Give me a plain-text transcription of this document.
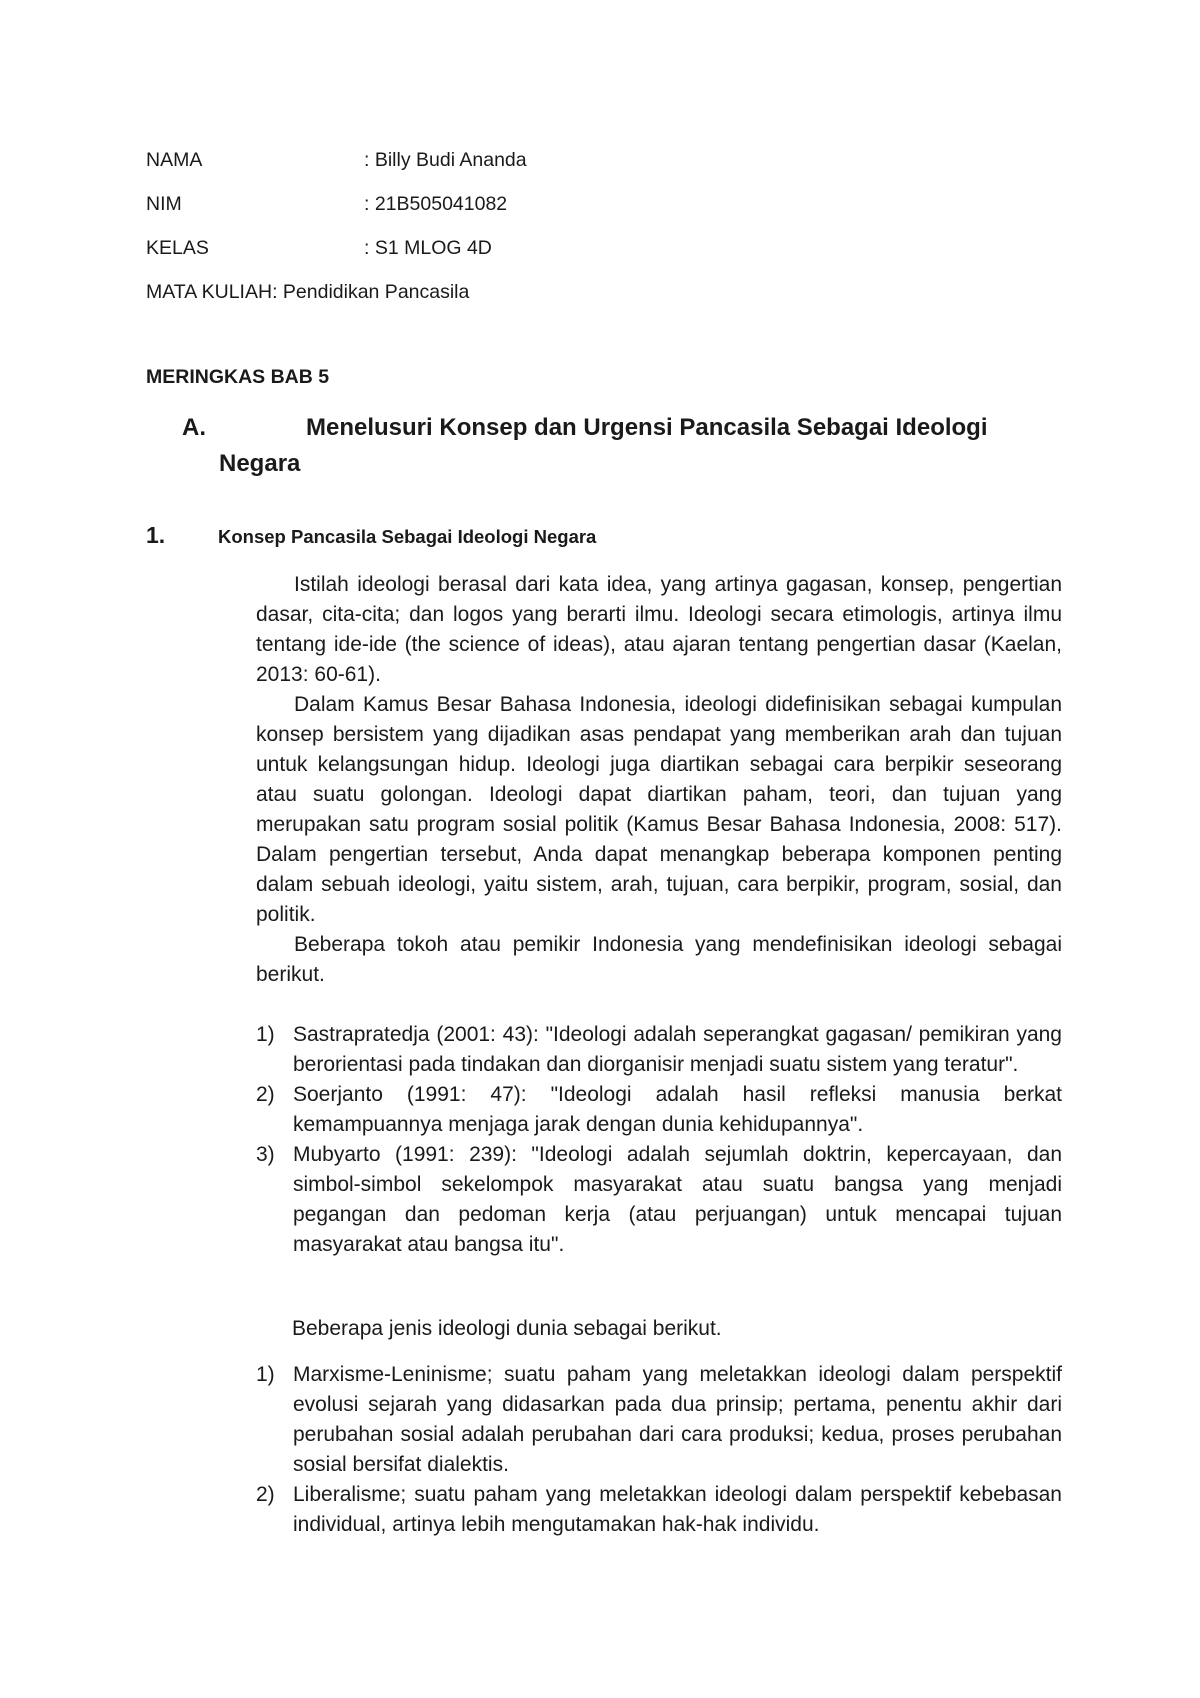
NAMA	: Billy Budi Ananda
NIM	: 21B505041082
KELAS	: S1 MLOG 4D
MATA KULIAH: Pendidikan Pancasila
MERINGKAS BAB 5
A.	Menelusuri Konsep dan Urgensi Pancasila Sebagai Ideologi
Negara
1.	Konsep Pancasila Sebagai Ideologi Negara

Istilah ideologi berasal dari kata idea, yang artinya gagasan, konsep, pengertian dasar, cita-cita; dan logos yang berarti ilmu. Ideologi secara etimologis, artinya ilmu tentang ide-ide (the science of ideas), atau ajaran tentang pengertian dasar (Kaelan, 2013: 60-61).

Dalam Kamus Besar Bahasa Indonesia, ideologi didefinisikan sebagai kumpulan konsep bersistem yang dijadikan asas pendapat yang memberikan arah dan tujuan untuk kelangsungan hidup. Ideologi juga diartikan sebagai cara berpikir seseorang atau suatu golongan. Ideologi dapat diartikan paham, teori, dan tujuan yang merupakan satu program sosial politik (Kamus Besar Bahasa Indonesia, 2008: 517). Dalam pengertian tersebut, Anda dapat menangkap beberapa komponen penting dalam sebuah ideologi, yaitu sistem, arah, tujuan, cara berpikir, program, sosial, dan politik.

Beberapa tokoh atau pemikir Indonesia yang mendefinisikan ideologi sebagai berikut.

1) Sastrapratedja (2001: 43): "Ideologi adalah seperangkat gagasan/ pemikiran yang berorientasi pada tindakan dan diorganisir menjadi suatu sistem yang teratur".
2) Soerjanto (1991: 47): "Ideologi adalah hasil refleksi manusia berkat kemampuannya menjaga jarak dengan dunia kehidupannya".
3) Mubyarto (1991: 239): "Ideologi adalah sejumlah doktrin, kepercayaan, dan simbol-simbol sekelompok masyarakat atau suatu bangsa yang menjadi pegangan dan pedoman kerja (atau perjuangan) untuk mencapai tujuan masyarakat atau bangsa itu".
Beberapa jenis ideologi dunia sebagai berikut.
1) Marxisme-Leninisme; suatu paham yang meletakkan ideologi dalam perspektif evolusi sejarah yang didasarkan pada dua prinsip; pertama, penentu akhir dari perubahan sosial adalah perubahan dari cara produksi; kedua, proses perubahan sosial bersifat dialektis.
2) Liberalisme; suatu paham yang meletakkan ideologi dalam perspektif kebebasan individual, artinya lebih mengutamakan hak-hak individu.
